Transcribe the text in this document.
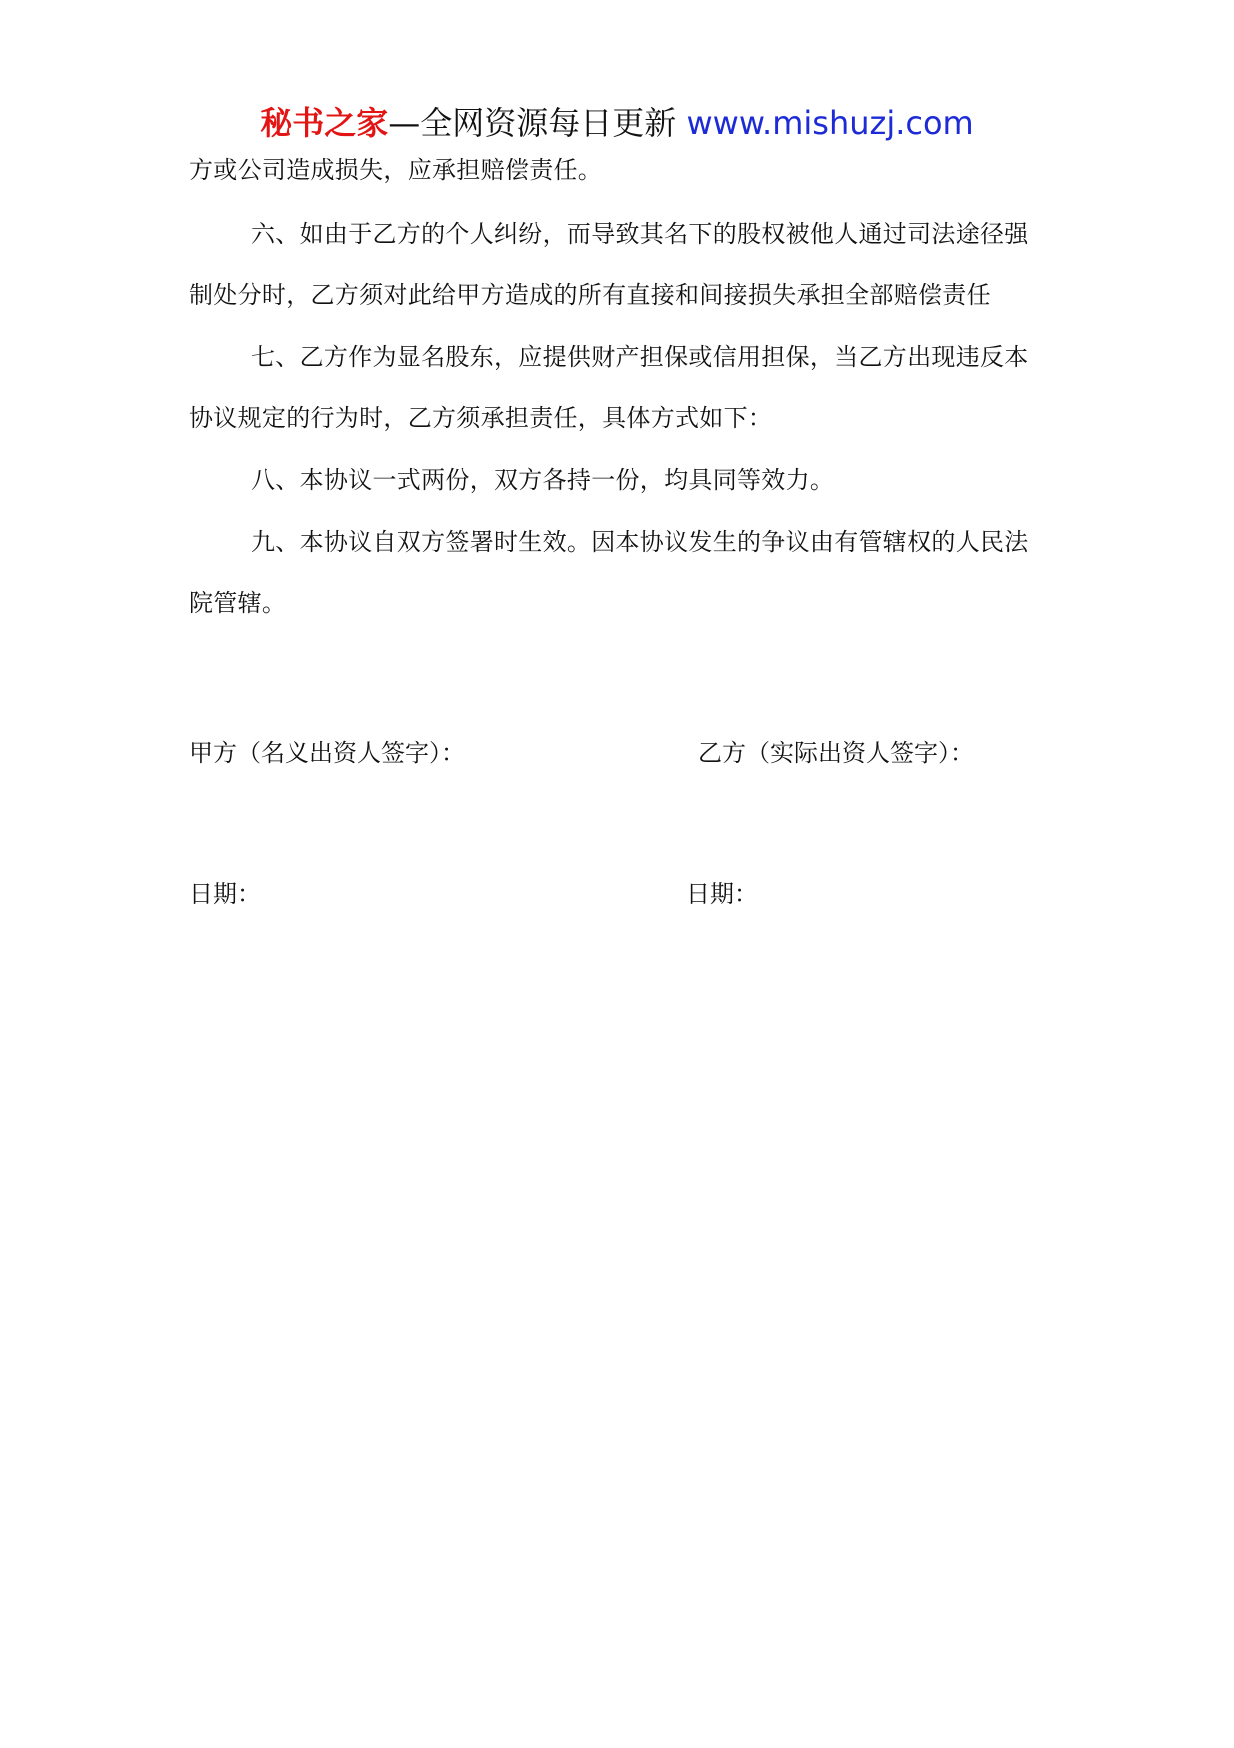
秘书之家—全网资源每日更新 www.mishuzj.com

方或公司造成损失，应承担赔偿责任。

六、如由于乙方的个人纠纷，而导致其名下的股权被他人通过司法途径强制处分时，乙方须对此给甲方造成的所有直接和间接损失承担全部赔偿责任

七、乙方作为显名股东，应提供财产担保或信用担保，当乙方出现违反本协议规定的行为时，乙方须承担责任，具体方式如下：

八、本协议一式两份，双方各持一份，均具同等效力。

九、本协议自双方签署时生效。因本协议发生的争议由有管辖权的人民法院管辖。

甲方（名义出资人签字）：	乙方（实际出资人签字）：

日期：	日期：
